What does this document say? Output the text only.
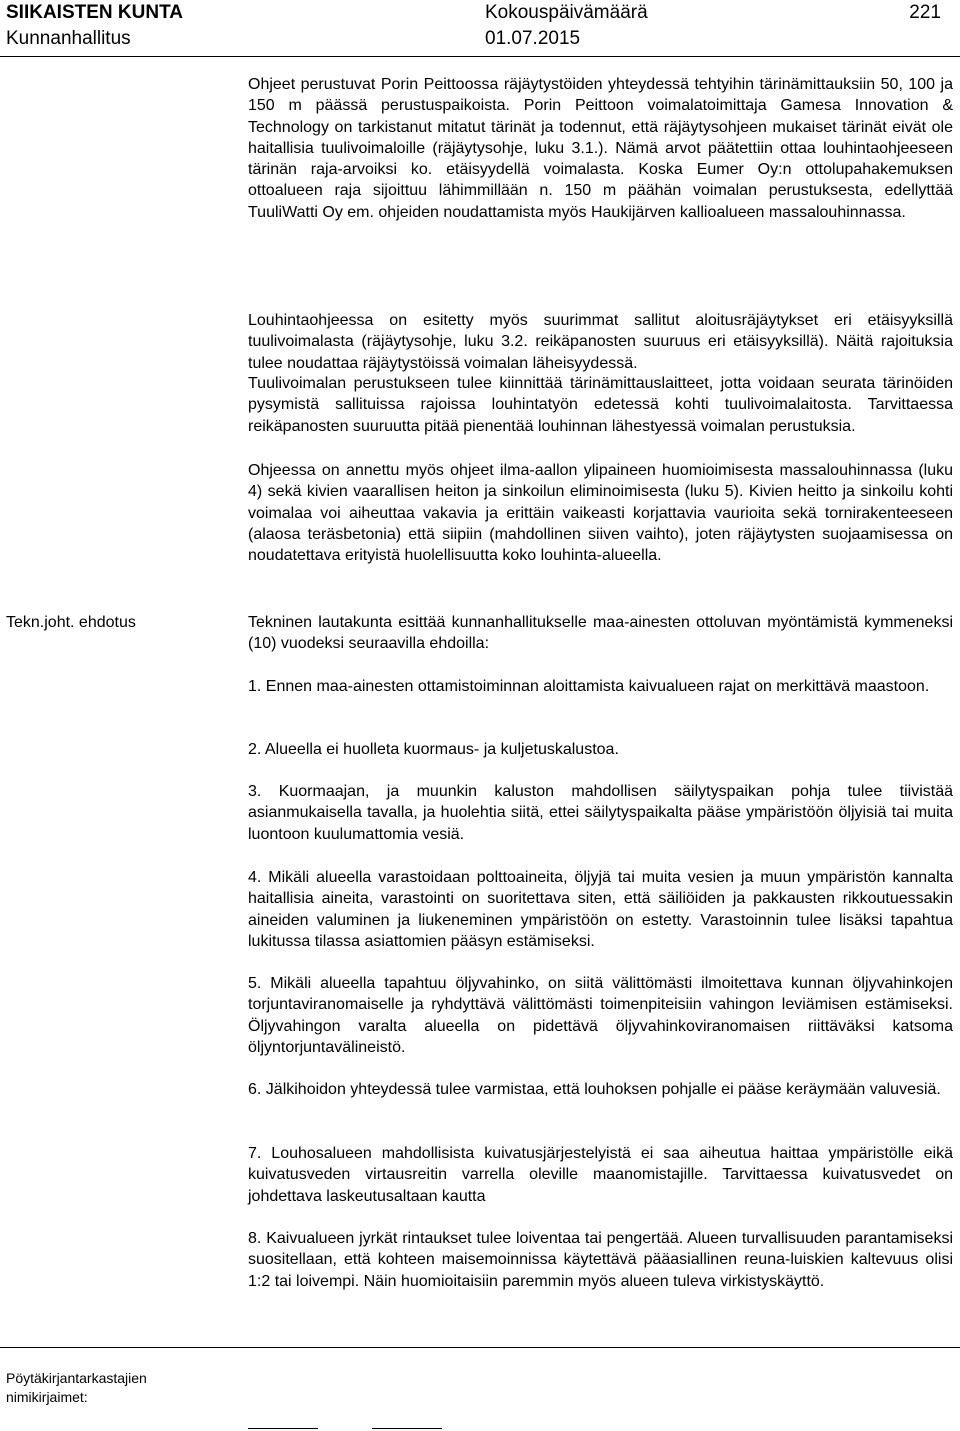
SIIKAISTEN KUNTA
Kunnanhallitus
Kokouspäivämäärä
01.07.2015
221

Ohjeet perustuvat Porin Peittoossa räjäytystöiden yhteydessä tehtyihin tärinämittauksiin 50, 100 ja 150 m päässä perustuspaikoista. Porin Peittoon voimalatoimittaja Gamesa Innovation & Technology on tarkistanut mitatut tärinät ja todennut, että räjäytysohjeen mukaiset tärinät eivät ole haitallisia tuulivoimaloille (räjäytysohje, luku 3.1.). Nämä arvot päätettiin ottaa louhintaohjeeseen tärinän raja-arvoiksi ko. etäisyydellä voimalasta. Koska Eumer Oy:n ottolupahakemuksen ottoalueen raja sijoittuu lähimmillään n. 150 m päähän voimalan perustuksesta, edellyttää TuuliWatti Oy em. ohjeiden noudattamista myös Haukijärven kallioalueen massalouhinnassa.

Louhintaohjeessa on esitetty myös suurimmat sallitut aloitusräjäytykset eri etäisyyksillä tuulivoimalasta (räjäytysohje, luku 3.2. reikäpanosten suuruus eri etäisyyksillä). Näitä rajoituksia tulee noudattaa räjäytystöissä voimalan läheisyydessä.

Tuulivoimalan perustukseen tulee kiinnittää tärinämittauslaitteet, jotta voidaan seurata tärinöiden pysymistä sallituissa rajoissa louhintatyön edetessä kohti tuulivoimalaitosta. Tarvittaessa reikäpanosten suuruutta pitää pienentää louhinnan lähestyessä voimalan perustuksia.

Ohjeessa on annettu myös ohjeet ilma-aallon ylipaineen huomioimisesta massalouhinnassa (luku 4) sekä kivien vaarallisen heiton ja sinkoilun eliminoimisesta (luku 5). Kivien heitto ja sinkoilu kohti voimalaa voi aiheuttaa vakavia ja erittäin vaikeasti korjattavia vaurioita sekä tornirakenteeseen (alaosa teräsbetonia) että siipiin (mahdollinen siiven vaihto), joten räjäytysten suojaamisessa on noudatettava erityistä huolellisuutta koko louhinta-alueella.

Tekn.joht. ehdotus	Tekninen lautakunta esittää kunnanhallitukselle maa-ainesten ottoluvan myöntämistä kymmeneksi (10) vuodeksi seuraavilla ehdoilla:

1. Ennen maa-ainesten ottamistoiminnan aloittamista kaivualueen rajat on merkittävä maastoon.

2. Alueella ei huolleta kuormaus- ja kuljetuskalustoa.

3. Kuormaajan, ja muunkin kaluston mahdollisen säilytyspaikan pohja tulee tiivistää asianmukaisella tavalla, ja huolehtia siitä, ettei säilytyspaikalta pääse ympäristöön öljyisiä tai muita luontoon kuulumattomia vesiä.

4. Mikäli alueella varastoidaan polttoaineita, öljyjä tai muita vesien ja muun ympäristön kannalta haitallisia aineita, varastointi on suoritettava siten, että säiliöiden ja pakkausten rikkoutuessakin aineiden valuminen ja liukeneminen ympäristöön on estetty. Varastoinnin tulee lisäksi tapahtua lukitussa tilassa asiattomien pääsyn estämiseksi.

5. Mikäli alueella tapahtuu öljyvahinko, on siitä välittömästi ilmoitettava kunnan öljyvahinkojen torjuntaviranomaiselle ja ryhdyttävä välittömästi toimenpiteisiin vahingon leviämisen estämiseksi. Öljyvahingon varalta alueella on pidettävä öljyvahinkoviranomaisen riittäväksi katsoma öljyntorjuntavälineistö.

6. Jälkihoidon yhteydessä tulee varmistaa, että louhoksen pohjalle ei pääse keräymään valuvesiä.

7. Louhosalueen mahdollisista kuivatusjärjestelyistä ei saa aiheutua haittaa ympäristölle eikä kuivatusveden virtausreitin varrella oleville maanomistajille. Tarvittaessa kuivatusvedet on johdettava laskeutusaltaan kautta

8. Kaivualueen jyrkät rintaukset tulee loiventaa tai pengertää. Alueen turvallisuuden parantamiseksi suositellaan, että kohteen maisemoinnissa käytettävä pääasiallinen reuna-luiskien kaltevuus olisi 1:2 tai loivempi. Näin huomioitaisiin paremmin myös alueen tuleva virkistyskäyttö.

Pöytäkirjantarkastajien
nimikirjaimet:
